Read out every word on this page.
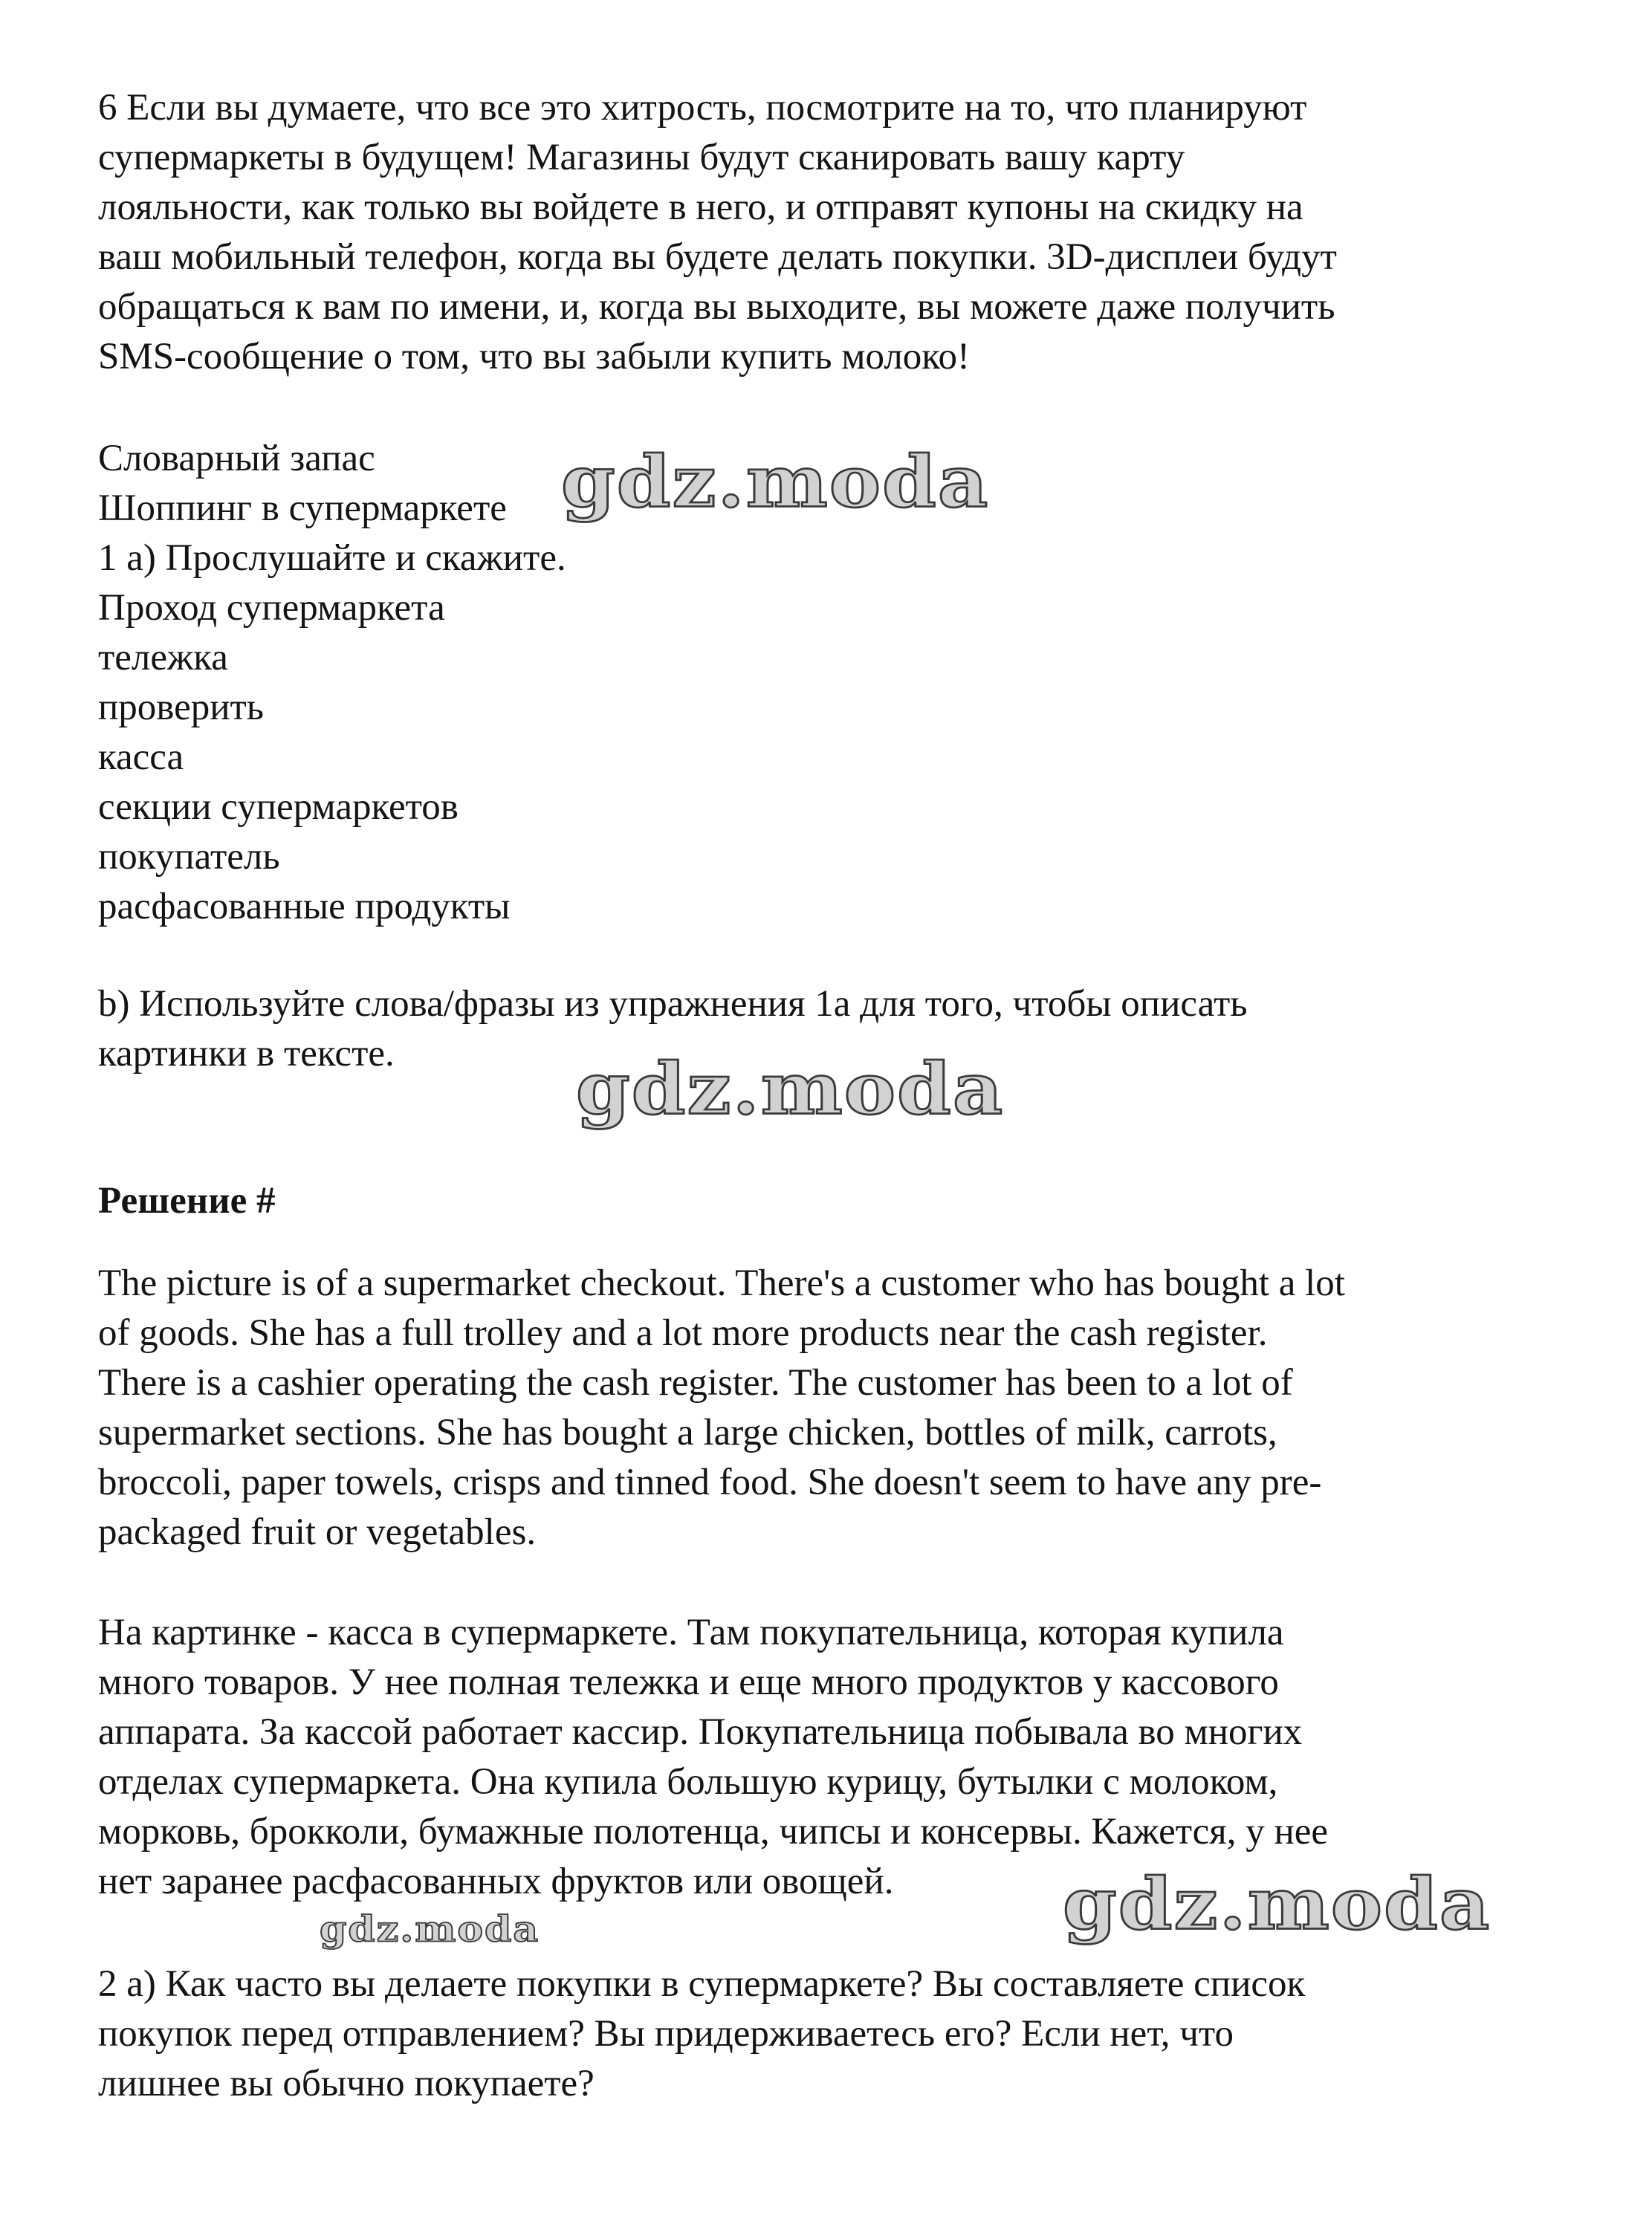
6 Если вы думаете, что все это хитрость, посмотрите на то, что планируют
супермаркеты в будущем! Магазины будут сканировать вашу карту
лояльности, как только вы войдете в него, и отправят купоны на скидку на
ваш мобильный телефон, когда вы будете делать покупки. 3D-дисплеи будут
обращаться к вам по имени, и, когда вы выходите, вы можете даже получить
SMS-сообщение о том, что вы забыли купить молоко!
Словарный запас
Шоппинг в супермаркете
1 a) Прослушайте и скажите.
Проход супермаркета
тележка
проверить
касса
секции супермаркетов
покупатель
расфасованные продукты
b) Используйте слова/фразы из упражнения 1a для того, чтобы описать
картинки в тексте.
Решение #
The picture is of a supermarket checkout. There's a customer who has bought a lot
of goods. She has a full trolley and a lot more products near the cash register.
There is a cashier operating the cash register. The customer has been to a lot of
supermarket sections. She has bought a large chicken, bottles of milk, carrots,
broccoli, paper towels, crisps and tinned food. She doesn't seem to have any pre-
packaged fruit or vegetables.
На картинке - касса в супермаркете. Там покупательница, которая купила
много товаров. У нее полная тележка и еще много продуктов у кассового
аппарата. За кассой работает кассир. Покупательница побывала во многих
отделах супермаркета. Она купила большую курицу, бутылки с молоком,
морковь, брокколи, бумажные полотенца, чипсы и консервы. Кажется, у нее
нет заранее расфасованных фруктов или овощей.
2 a) Как часто вы делаете покупки в супермаркете? Вы составляете список
покупок перед отправлением? Вы придерживаетесь его? Если нет, что
лишнее вы обычно покупаете?
gdz.moda
gdz.moda
gdz.moda
gdz.moda
